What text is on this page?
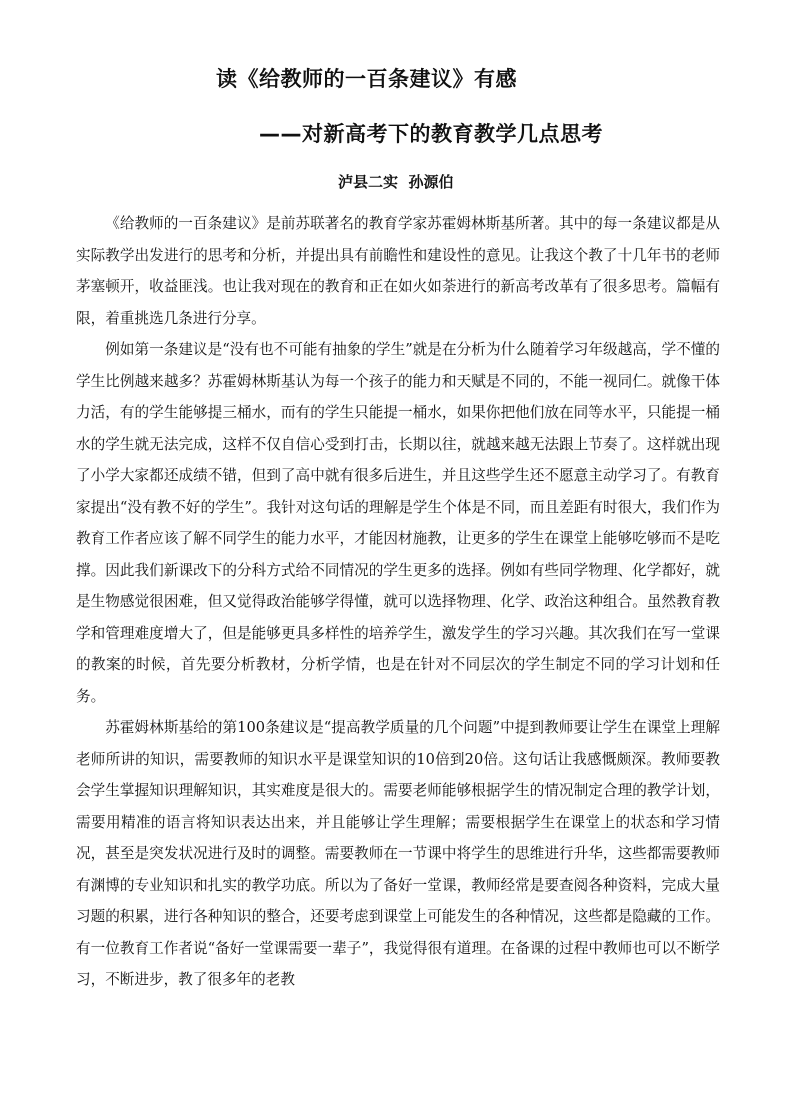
读《给教师的一百条建议》有感
——对新高考下的教育教学几点思考
泸县二实  孙源伯

《给教师的一百条建议》是前苏联著名的教育学家苏霍姆林斯基所著。其中的每一条建议都是从实际教学出发进行的思考和分析，并提出具有前瞻性和建设性的意见。让我这个教了十几年书的老师茅塞顿开，收益匪浅。也让我对现在的教育和正在如火如荼进行的新高考改革有了很多思考。篇幅有限，着重挑选几条进行分享。

例如第一条建议是“没有也不可能有抽象的学生”就是在分析为什么随着学习年级越高，学不懂的学生比例越来越多？苏霍姆林斯基认为每一个孩子的能力和天赋是不同的，不能一视同仁。就像干体力活，有的学生能够提三桶水，而有的学生只能提一桶水，如果你把他们放在同等水平，只能提一桶水的学生就无法完成，这样不仅自信心受到打击，长期以往，就越来越无法跟上节奏了。这样就出现了小学大家都还成绩不错，但到了高中就有很多后进生，并且这些学生还不愿意主动学习了。有教育家提出“没有教不好的学生”。我针对这句话的理解是学生个体是不同，而且差距有时很大，我们作为教育工作者应该了解不同学生的能力水平，才能因材施教，让更多的学生在课堂上能够吃够而不是吃撑。因此我们新课改下的分科方式给不同情况的学生更多的选择。例如有些同学物理、化学都好，就是生物感觉很困难，但又觉得政治能够学得懂，就可以选择物理、化学、政治这种组合。虽然教育教学和管理难度增大了，但是能够更具多样性的培养学生，激发学生的学习兴趣。其次我们在写一堂课的教案的时候，首先要分析教材，分析学情，也是在针对不同层次的学生制定不同的学习计划和任务。

苏霍姆林斯基给的第100条建议是“提高教学质量的几个问题”中提到教师要让学生在课堂上理解老师所讲的知识，需要教师的知识水平是课堂知识的10倍到20倍。这句话让我感慨颇深。教师要教会学生掌握知识理解知识，其实难度是很大的。需要老师能够根据学生的情况制定合理的教学计划，需要用精准的语言将知识表达出来，并且能够让学生理解；需要根据学生在课堂上的状态和学习情况，甚至是突发状况进行及时的调整。需要教师在一节课中将学生的思维进行升华，这些都需要教师有渊博的专业知识和扎实的教学功底。所以为了备好一堂课，教师经常是要查阅各种资料，完成大量习题的积累，进行各种知识的整合，还要考虑到课堂上可能发生的各种情况，这些都是隐藏的工作。有一位教育工作者说“备好一堂课需要一辈子”，我觉得很有道理。在备课的过程中教师也可以不断学习，不断进步，教了很多年的老教
